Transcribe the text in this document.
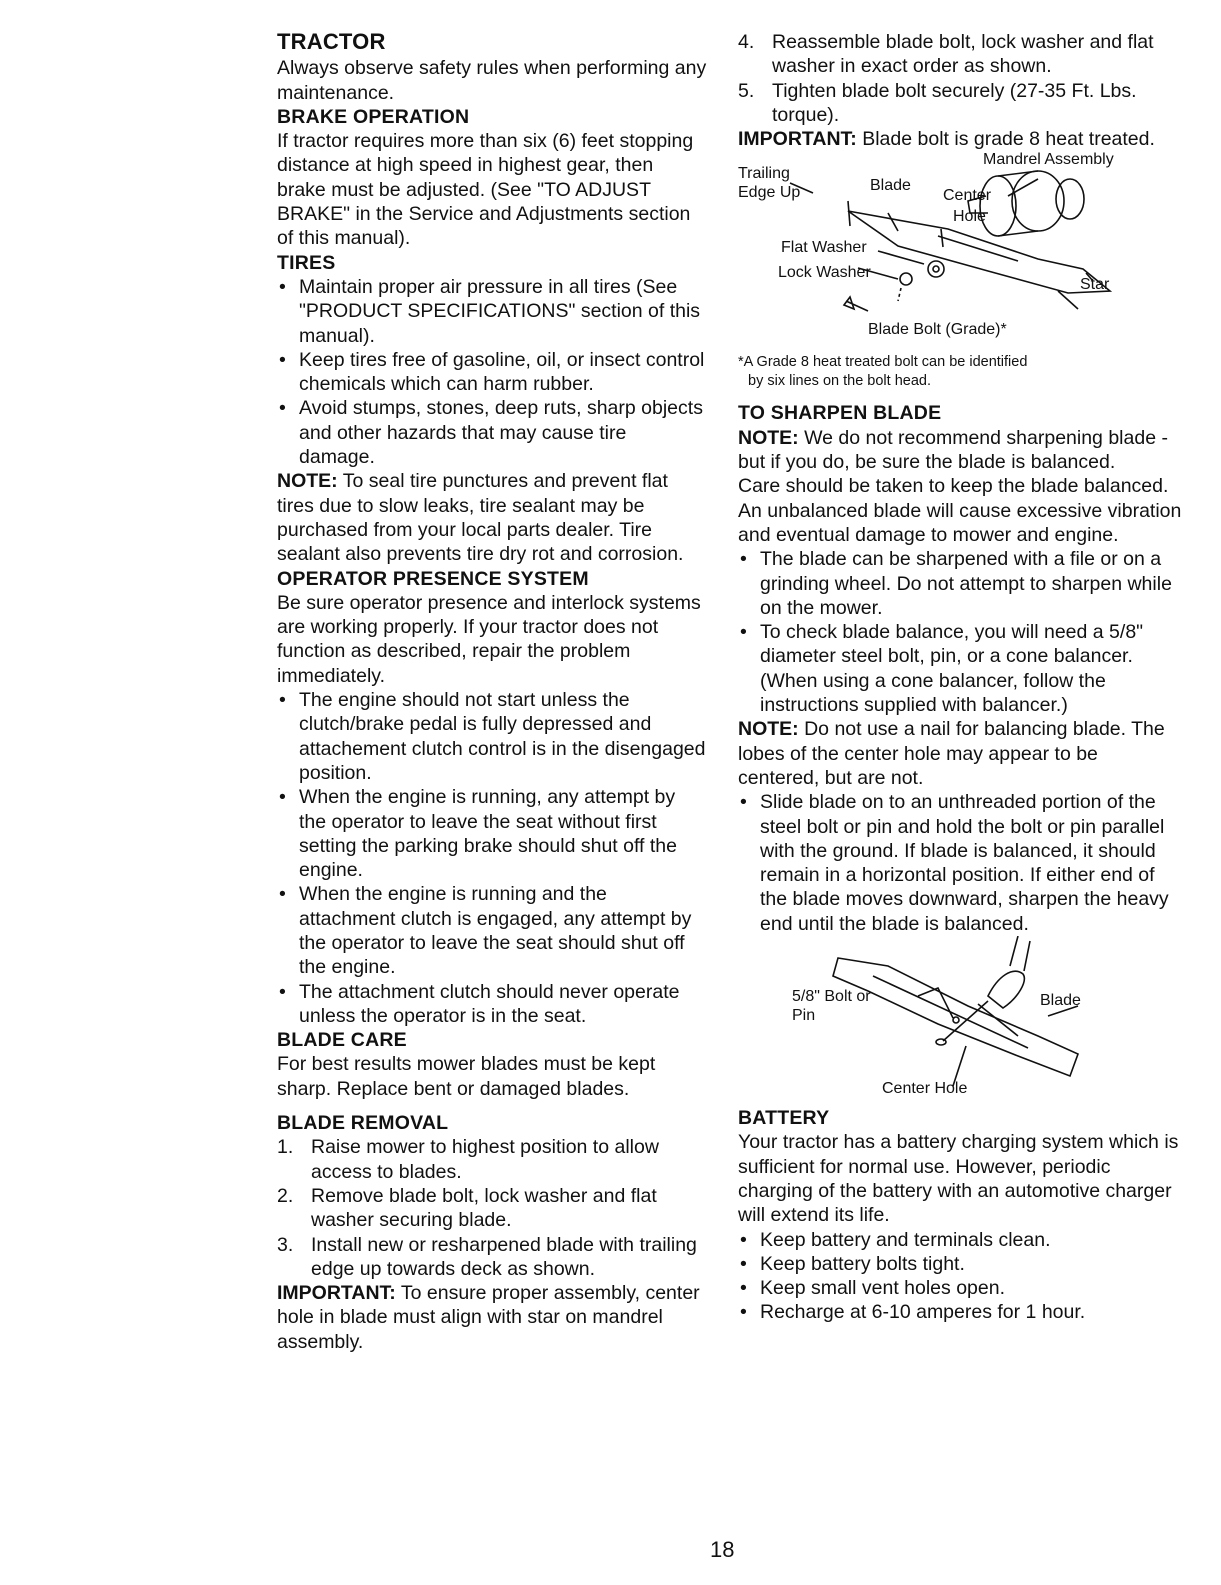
TRACTOR

Always observe safety rules when performing any maintenance.

BRAKE OPERATION

If tractor requires more than six (6) feet stopping distance at high speed in highest gear, then brake must be adjusted. (See "TO ADJUST BRAKE" in the Service and Adjustments section of this manual).

TIRES

• Maintain proper air pressure in all tires (See "PRODUCT SPECIFICATIONS" section of this manual).
• Keep tires free of gasoline, oil, or insect control chemicals which can harm rubber.
• Avoid stumps, stones, deep ruts, sharp objects and other hazards that may cause tire damage.

NOTE: To seal tire punctures and prevent flat tires due to slow leaks, tire sealant may be purchased from your local parts dealer. Tire sealant also prevents tire dry rot and corrosion.

OPERATOR PRESENCE SYSTEM

Be sure operator presence and interlock systems are working properly. If your tractor does not function as described, repair the problem immediately.

• The engine should not start unless the clutch/brake pedal is fully depressed and attachement clutch control is in the disengaged position.
• When the engine is running, any attempt by the operator to leave the seat without first setting the parking brake should shut off the engine.
• When the engine is running and the attachment clutch is engaged, any attempt by the operator to leave the seat should shut off the engine.
• The attachment clutch should never operate unless the operator is in the seat.

BLADE CARE

For best results mower blades must be kept sharp. Replace bent or damaged blades.

BLADE REMOVAL

1. Raise mower to highest position to allow access to blades.
2. Remove blade bolt, lock washer and flat washer securing blade.
3. Install new or resharpened blade with trailing edge up towards deck as shown.

IMPORTANT: To ensure proper assembly, center hole in blade must align with star on mandrel assembly.

4. Reassemble blade bolt, lock washer and flat washer in exact order as shown.
5. Tighten blade bolt securely (27-35 Ft. Lbs. torque).

IMPORTANT: Blade bolt is grade 8 heat treated.

Mandrel Assembly
Trailing
Edge Up	Blade
Center
Hole
Flat Washer
Lock Washer
Star
Blade Bolt (Grade)*
*A Grade 8 heat treated bolt can be identified
by six lines on the bolt head.

TO SHARPEN BLADE

NOTE: We do not recommend sharpening blade - but if you do, be sure the blade is balanced.

Care should be taken to keep the blade balanced. An unbalanced blade will cause excessive vibration and eventual damage to mower and engine.

• The blade can be sharpened with a file or on a grinding wheel. Do not attempt to sharpen while on the mower.
• To check blade balance, you will need a 5/8" diameter steel bolt, pin, or a cone balancer. (When using a cone balancer, follow the instructions supplied with balancer.)

NOTE: Do not use a nail for balancing blade. The lobes of the center hole may appear to be centered, but are not.

• Slide blade on to an unthreaded portion of the steel bolt or pin and hold the bolt or pin parallel with the ground. If blade is balanced, it should remain in a horizontal position. If either end of the blade moves downward, sharpen the heavy end until the blade is balanced.
5/8" Bolt or
Pin
Blade
Center Hole

BATTERY

Your tractor has a battery charging system which is sufficient for normal use. However, periodic charging of the battery with an automotive charger will extend its life.

• Keep battery and terminals clean.
• Keep battery bolts tight.
• Keep small vent holes open.
• Recharge at 6-10 amperes for 1 hour.
18
